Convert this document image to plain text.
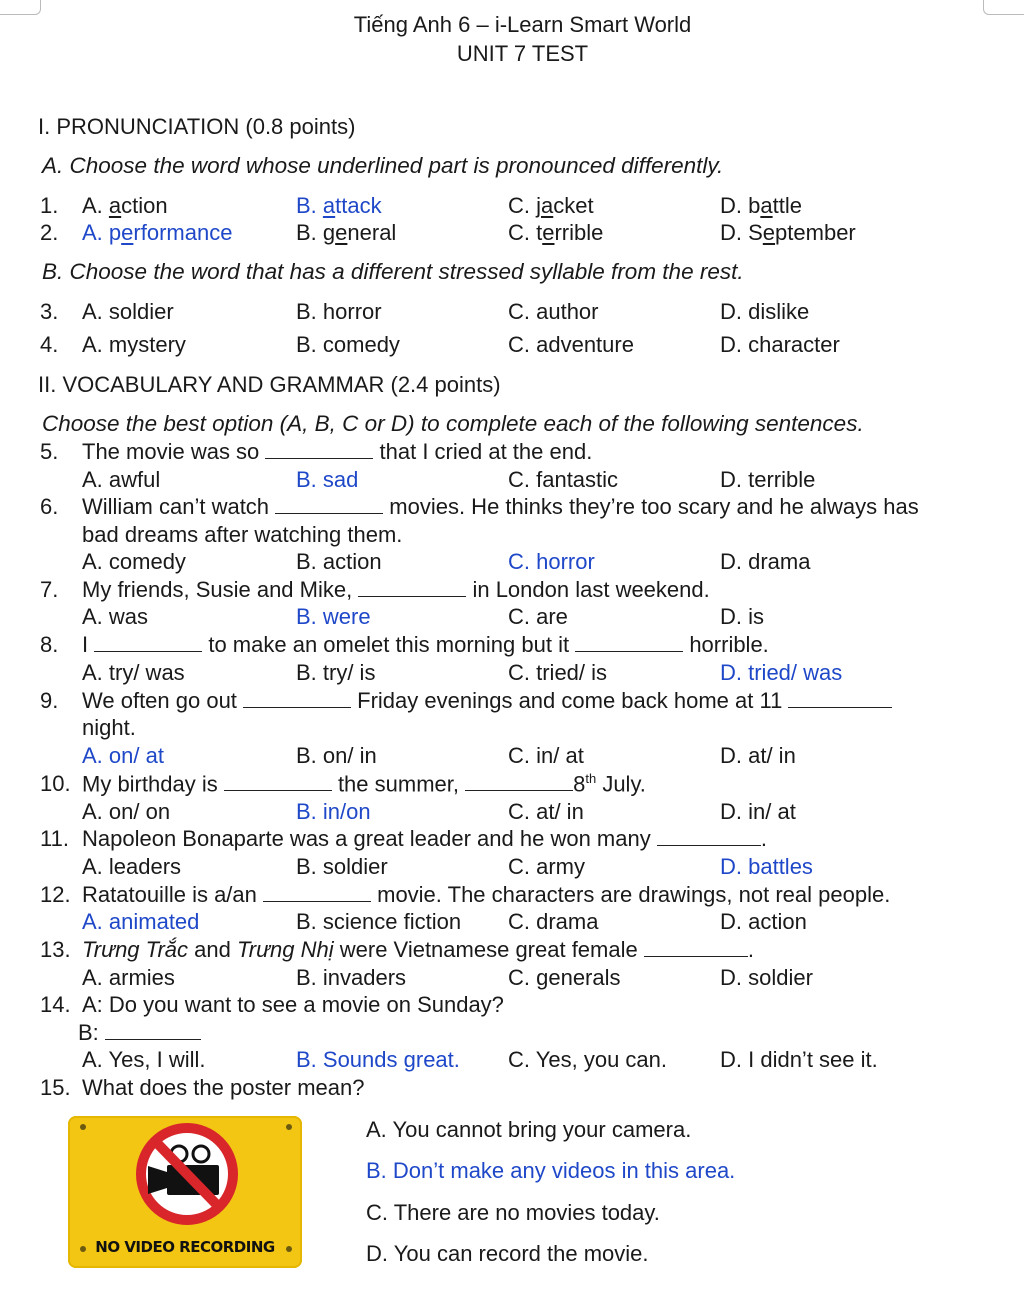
Tiếng Anh 6 – i-Learn Smart World
UNIT 7 TEST
I. PRONUNCIATION (0.8 points)
A. Choose the word whose underlined part is pronounced differently.
1.	A. action	B. attack	C. jacket	D. battle
2.	A. performance	B. general	C. terrible	D. September
B. Choose the word that has a different stressed syllable from the rest.
3.	A. soldier	B. horror	C. author	D. dislike
4.	A. mystery	B. comedy	C. adventure	D. character
II. VOCABULARY AND GRAMMAR (2.4 points)
Choose the best option (A, B, C or D) to complete each of the following sentences.
5. The movie was so	that I cried at the end.
A. awful	B. sad	C. fantastic	D. terrible
6. William can’t watch	movies. He thinks they’re too scary and he always has
bad dreams after watching them.
A. comedy	B. action	C. horror	D. drama
7. My friends, Susie and Mike,	in London last weekend.
A. was	B. were	C. are	D. is
8. I	to make an omelet this morning but it	horrible.
A. try/ was	B. try/ is	C. tried/ is	D. tried/ was
9. We often go out	Friday evenings and come back home at 11
night.
A. on/ at	B. on/ in	C. in/ at	D. at/ in
10. My birthday is	the summer,	8th July.
A. on/ on	B. in/on	C. at/ in	D. in/ at
11. Napoleon Bonaparte was a great leader and he won many	.
A. leaders	B. soldier	C. army	D. battles
12. Ratatouille is a/an	movie. The characters are drawings, not real people.
A. animated	B. science fiction C. drama	D. action
13. Trưng Trắc and Trưng Nhị were Vietnamese great female	.
A. armies	B. invaders	C. generals	D. soldier
14. A: Do you want to see a movie on Sunday?
B:
A. Yes, I will.	B. Sounds great. C. Yes, you can. D. I didn’t see it.
15. What does the poster mean?
NO VIDEO RECORDING
A. You cannot bring your camera.
B. Don’t make any videos in this area.
C. There are no movies today.
D. You can record the movie.
